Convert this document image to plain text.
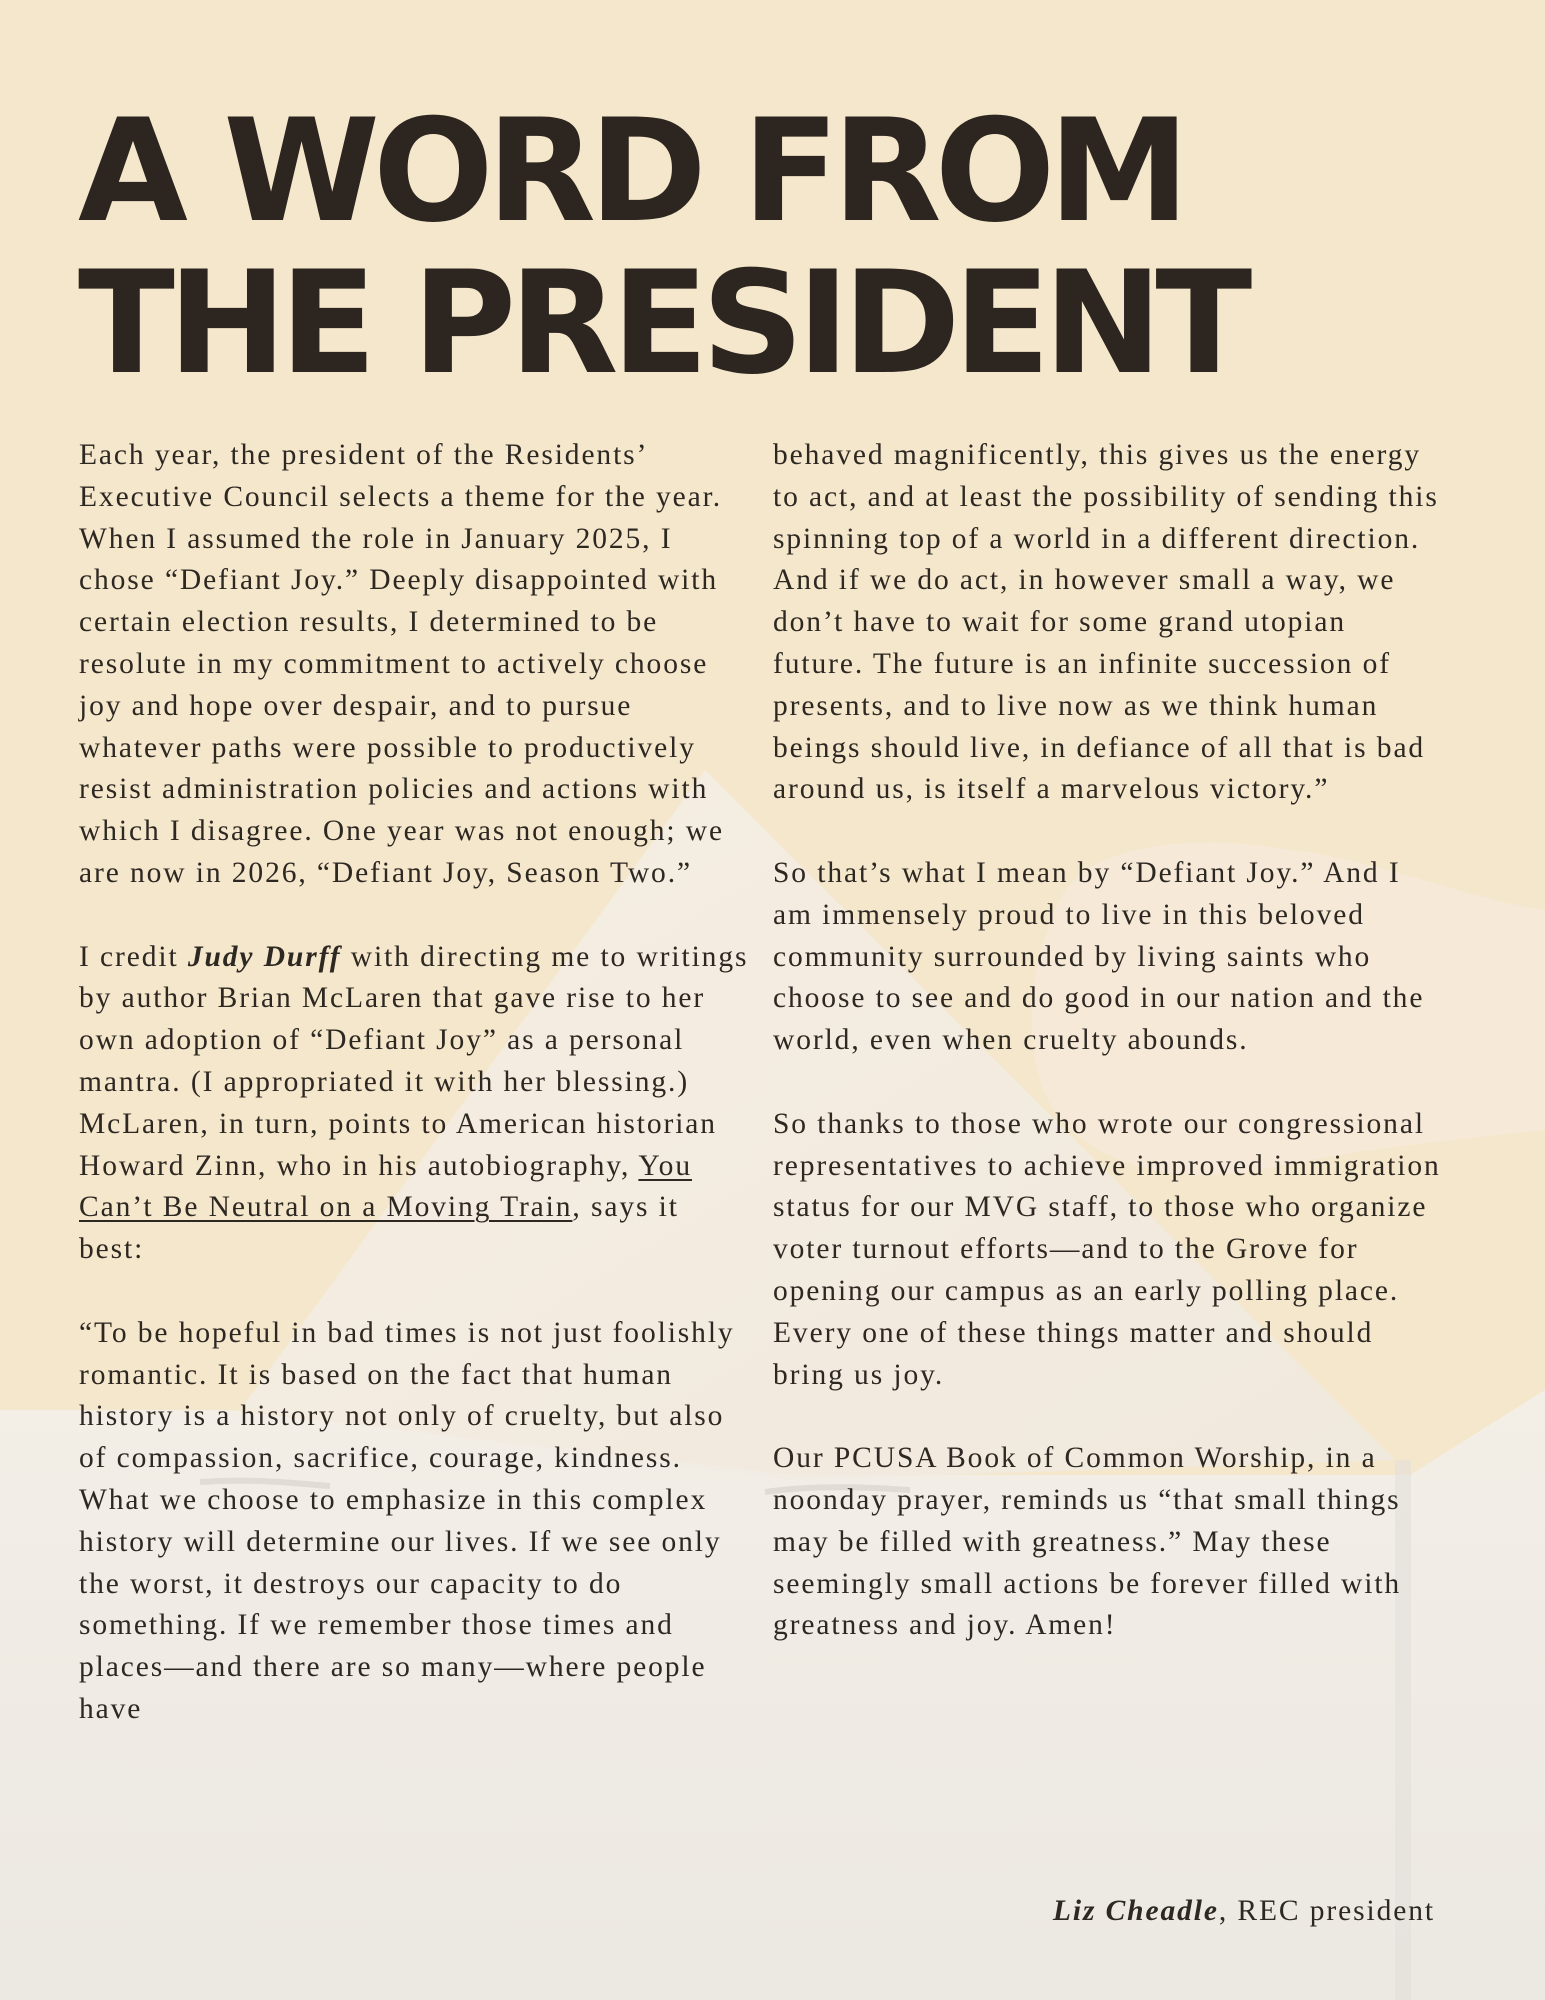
A WORD FROM
THE PRESIDENT

Each year, the president of the Residents’ Executive Council selects a theme for the year. When I assumed the role in January 2025, I chose “Defiant Joy.” Deeply disappointed with certain election results, I determined to be resolute in my commitment to actively choose joy and hope over despair, and to pursue whatever paths were possible to productively resist administration policies and actions with which I disagree. One year was not enough; we are now in 2026, “Defiant Joy, Season Two.”

I credit Judy Durff with directing me to writings by author Brian McLaren that gave rise to her own adoption of “Defiant Joy” as a personal mantra. (I appropriated it with her blessing.) McLaren, in turn, points to American historian Howard Zinn, who in his autobiography, You Can’t Be Neutral on a Moving Train, says it best:

“To be hopeful in bad times is not just foolishly romantic. It is based on the fact that human history is a history not only of cruelty, but also of compassion, sacrifice, courage, kindness. What we choose to emphasize in this complex history will determine our lives. If we see only the worst, it destroys our capacity to do something. If we remember those times and places—and there are so many—where people have

behaved magnificently, this gives us the energy to act, and at least the possibility of sending this spinning top of a world in a different direction. And if we do act, in however small a way, we don’t have to wait for some grand utopian future. The future is an infinite succession of presents, and to live now as we think human beings should live, in defiance of all that is bad around us, is itself a marvelous victory.”

So that’s what I mean by “Defiant Joy.” And I am immensely proud to live in this beloved community surrounded by living saints who choose to see and do good in our nation and the world, even when cruelty abounds.

So thanks to those who wrote our congressional representatives to achieve improved immigration status for our MVG staff, to those who organize voter turnout efforts—and to the Grove for opening our campus as an early polling place. Every one of these things matter and should bring us joy.

Our PCUSA Book of Common Worship, in a noonday prayer, reminds us “that small things may be filled with greatness.” May these seemingly small actions be forever filled with greatness and joy. Amen!

Liz Cheadle, REC president
